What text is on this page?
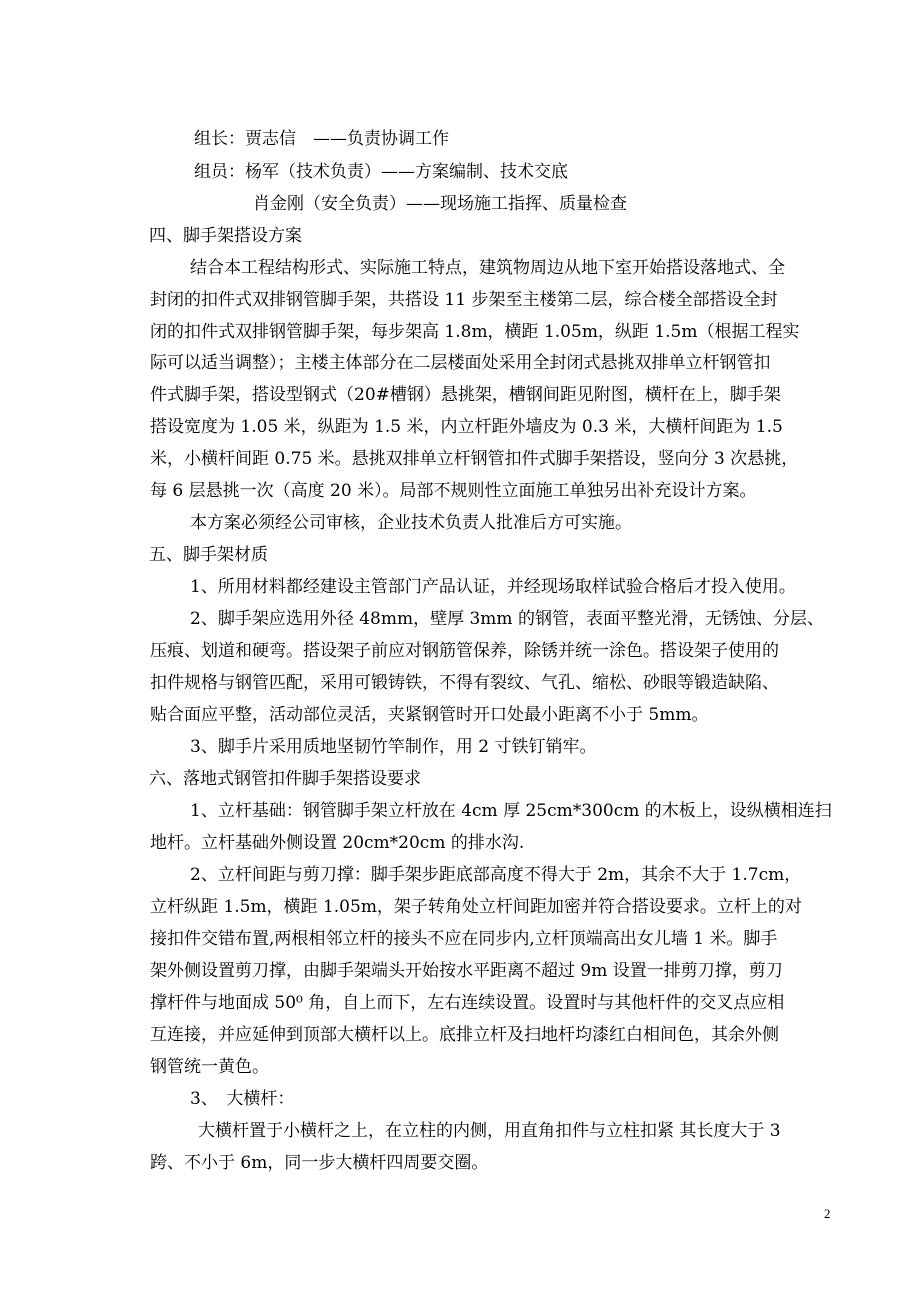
组长：贾志信　——负责协调工作
组员：杨军（技术负责）——方案编制、技术交底
肖金刚（安全负责）——现场施工指挥、质量检查
四、脚手架搭设方案
结合本工程结构形式、实际施工特点，建筑物周边从地下室开始搭设落地式、全
封闭的扣件式双排钢管脚手架，共搭设 11 步架至主楼第二层，综合楼全部搭设全封
闭的扣件式双排钢管脚手架，每步架高 1.8m，横距 1.05m，纵距 1.5m（根据工程实
际可以适当调整）；主楼主体部分在二层楼面处采用全封闭式悬挑双排单立杆钢管扣
件式脚手架，搭设型钢式（20#槽钢）悬挑架，槽钢间距见附图，横杆在上，脚手架
搭设宽度为 1.05 米，纵距为 1.5 米，内立杆距外墙皮为 0.3 米，大横杆间距为 1.5
米，小横杆间距 0.75 米。悬挑双排单立杆钢管扣件式脚手架搭设，竖向分 3 次悬挑，
每 6 层悬挑一次（高度 20 米）。局部不规则性立面施工单独另出补充设计方案。
本方案必须经公司审核，企业技术负责人批准后方可实施。
五、脚手架材质
1、所用材料都经建设主管部门产品认证，并经现场取样试验合格后才投入使用。
2、脚手架应选用外径 48mm，壁厚 3mm 的钢管，表面平整光滑，无锈蚀、分层、
压痕、划道和硬弯。搭设架子前应对钢筋管保养，除锈并统一涂色。搭设架子使用的
扣件规格与钢管匹配，采用可锻铸铁，不得有裂纹、气孔、缩松、砂眼等锻造缺陷、
贴合面应平整，活动部位灵活，夹紧钢管时开口处最小距离不小于 5mm。
3、脚手片采用质地坚韧竹竿制作，用 2 寸铁钉销牢。
六、落地式钢管扣件脚手架搭设要求
1、立杆基础：钢管脚手架立杆放在 4cm 厚 25cm*300cm 的木板上，设纵横相连扫
地杆。立杆基础外侧设置 20cm*20cm 的排水沟.
2、立杆间距与剪刀撑：脚手架步距底部高度不得大于 2m，其余不大于 1.7cm，
立杆纵距 1.5m，横距 1.05m，架子转角处立杆间距加密并符合搭设要求。立杆上的对
接扣件交错布置,两根相邻立杆的接头不应在同步内,立杆顶端高出女儿墙 1 米。脚手
架外侧设置剪刀撑，由脚手架端头开始按水平距离不超过 9m 设置一排剪刀撑，剪刀
撑杆件与地面成 50⁰ 角，自上而下，左右连续设置。设置时与其他杆件的交叉点应相
互连接，并应延伸到顶部大横杆以上。底排立杆及扫地杆均漆红白相间色，其余外侧
钢管统一黄色。
3、　大横杆：
大横杆置于小横杆之上，在立柱的内侧，用直角扣件与立柱扣紧 其长度大于 3
跨、不小于 6m，同一步大横杆四周要交圈。
2
